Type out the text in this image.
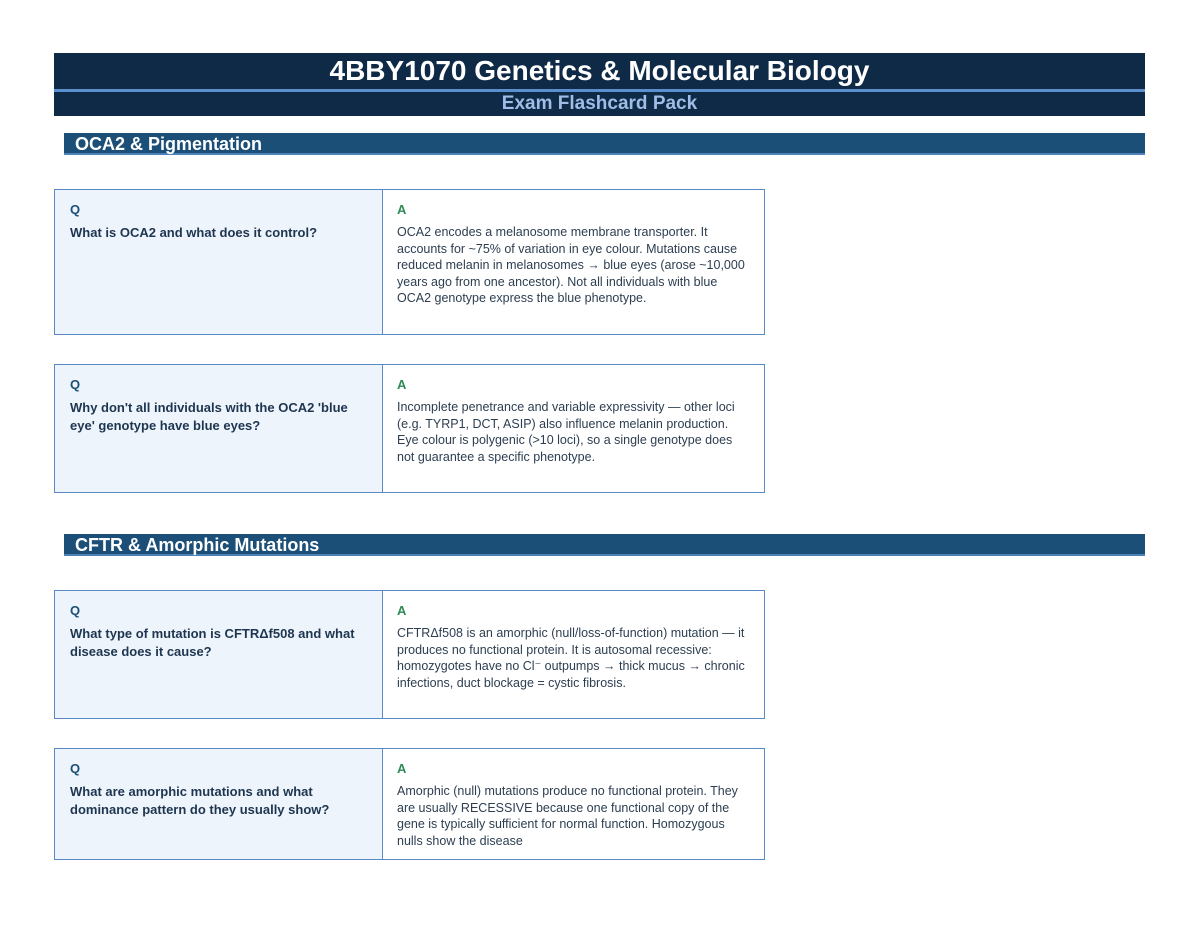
4BBY1070 Genetics & Molecular Biology
Exam Flashcard Pack
OCA2 & Pigmentation
Q
What is OCA2 and what does it control?
A
OCA2 encodes a melanosome membrane transporter. It accounts for ~75% of variation in eye colour. Mutations cause reduced melanin in melanosomes → blue eyes (arose ~10,000 years ago from one ancestor). Not all individuals with blue OCA2 genotype express the blue phenotype.
Q
Why don't all individuals with the OCA2 'blue eye' genotype have blue eyes?
A
Incomplete penetrance and variable expressivity — other loci (e.g. TYRP1, DCT, ASIP) also influence melanin production. Eye colour is polygenic (>10 loci), so a single genotype does not guarantee a specific phenotype.
CFTR & Amorphic Mutations
Q
What type of mutation is CFTRΔf508 and what disease does it cause?
A
CFTRΔf508 is an amorphic (null/loss-of-function) mutation — it produces no functional protein. It is autosomal recessive: homozygotes have no Cl⁻ outpumps → thick mucus → chronic infections, duct blockage = cystic fibrosis.
Q
What are amorphic mutations and what dominance pattern do they usually show?
A
Amorphic (null) mutations produce no functional protein. They are usually RECESSIVE because one functional copy of the gene is typically sufficient for normal function. Homozygous nulls show the disease
